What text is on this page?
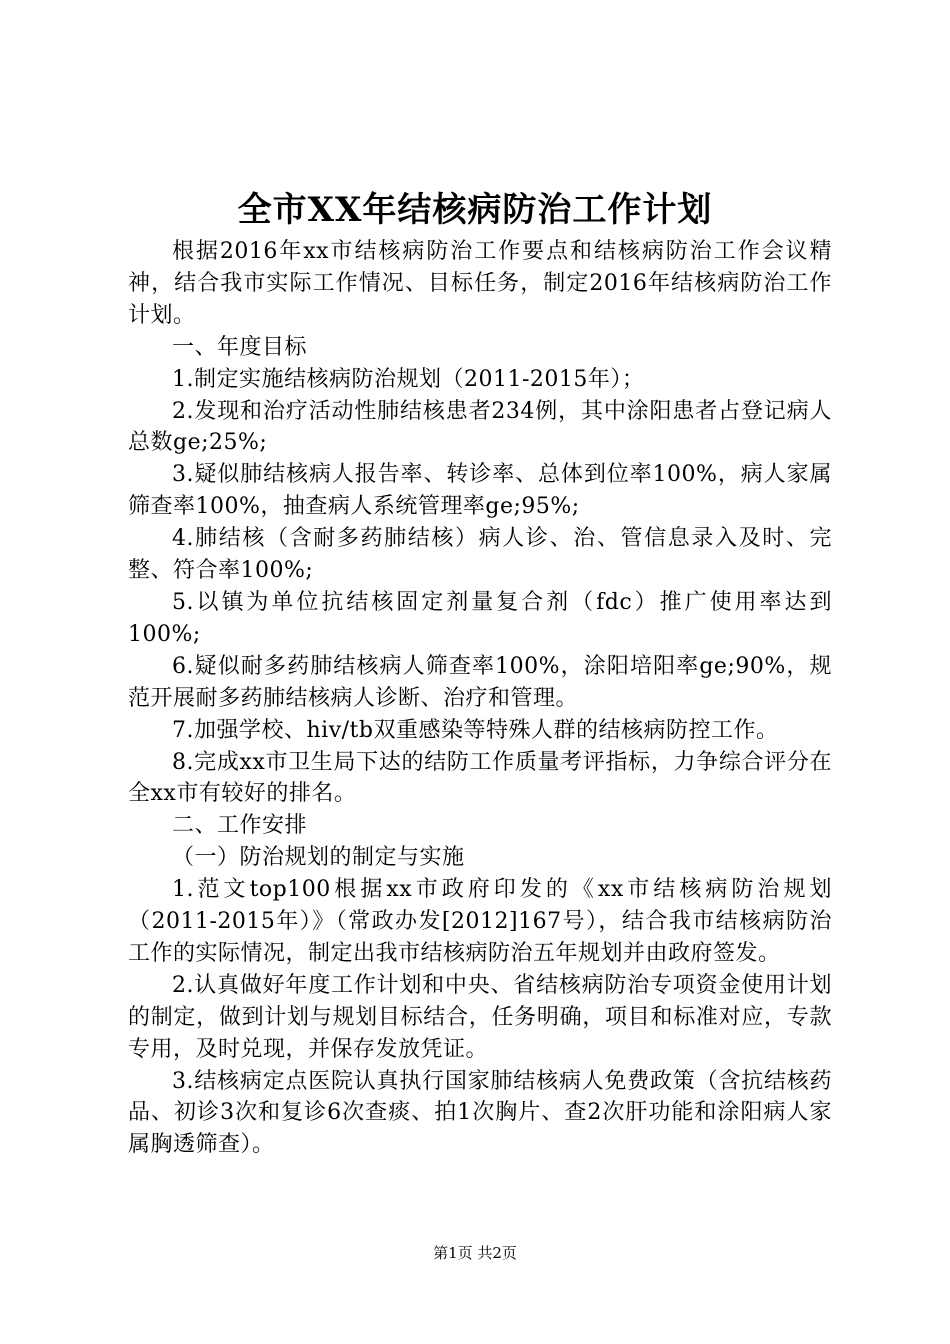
全市XX年结核病防治工作计划

根据2016年xx市结核病防治工作要点和结核病防治工作会议精神，结合我市实际工作情况、目标任务，制定2016年结核病防治工作计划。

一、年度目标

1.制定实施结核病防治规划（2011-2015年）；

2.发现和治疗活动性肺结核患者234例，其中涂阳患者占登记病人总数ge;25%;

3.疑似肺结核病人报告率、转诊率、总体到位率100%，病人家属筛查率100%，抽查病人系统管理率ge;95%;

4.肺结核（含耐多药肺结核）病人诊、治、管信息录入及时、完整、符合率100%;

5.以镇为单位抗结核固定剂量复合剂（fdc）推广使用率达到100%;

6.疑似耐多药肺结核病人筛查率100%，涂阳培阳率ge;90%，规范开展耐多药肺结核病人诊断、治疗和管理。

7.加强学校、hiv/tb双重感染等特殊人群的结核病防控工作。

8.完成xx市卫生局下达的结防工作质量考评指标，力争综合评分在全xx市有较好的排名。

二、工作安排

（一）防治规划的制定与实施

1.范文top100根据xx市政府印发的《xx市结核病防治规划（2011-2015年）》（常政办发[2012]167号），结合我市结核病防治工作的实际情况，制定出我市结核病防治五年规划并由政府签发。

2.认真做好年度工作计划和中央、省结核病防治专项资金使用计划的制定，做到计划与规划目标结合，任务明确，项目和标准对应，专款专用，及时兑现，并保存发放凭证。

3.结核病定点医院认真执行国家肺结核病人免费政策（含抗结核药品、初诊3次和复诊6次查痰、拍1次胸片、查2次肝功能和涂阳病人家属胸透筛查）。

第1页 共2页
